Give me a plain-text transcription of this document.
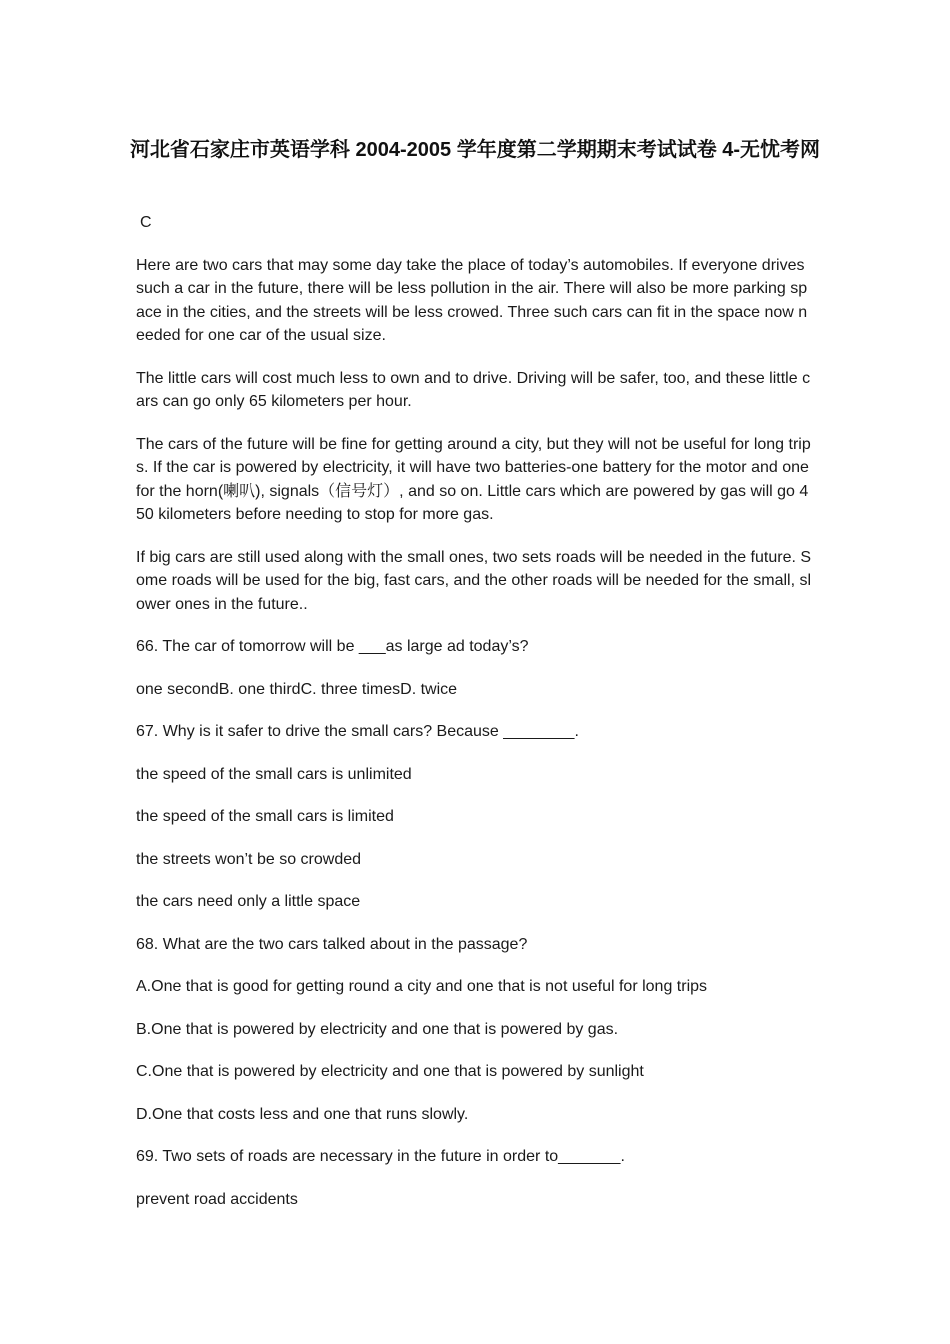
河北省石家庄市英语学科 2004-2005 学年度第二学期期末考试试卷 4-无忧考网

C

Here are two cars that may some day take the place of today’s automobiles. If everyone drives such a car in the future, there will be less pollution in the air. There will also be more parking space in the cities, and the streets will be less crowed. Three such cars can fit in the space now needed for one car of the usual size.

The little cars will cost much less to own and to drive. Driving will be safer, too, and these little cars can go only 65 kilometers per hour.

The cars of the future will be fine for getting around a city, but they will not be useful for long trips. If the car is powered by electricity, it will have two batteries-one battery for the motor and one for the horn(喇叭), signals（信号灯）, and so on. Little cars which are powered by gas will go 450 kilometers before needing to stop for more gas.

If big cars are still used along with the small ones, two sets roads will be needed in the future. Some roads will be used for the big, fast cars, and the other roads will be needed for the small, slower ones in the future..

66. The car of tomorrow will be ___as large ad today’s?

one secondB. one thirdC. three timesD. twice

67. Why is it safer to drive the small cars? Because ________.

the speed of the small cars is unlimited

the speed of the small cars is limited

the streets won’t be so crowded

the cars need only a little space

68. What are the two cars talked about in the passage?

A.One that is good for getting round a city and one that is not useful for long trips

B.One that is powered by electricity and one that is powered by gas.

C.One that is powered by electricity and one that is powered by sunlight

D.One that costs less and one that runs slowly.

69. Two sets of roads are necessary in the future in order to_______.

prevent road accidents
